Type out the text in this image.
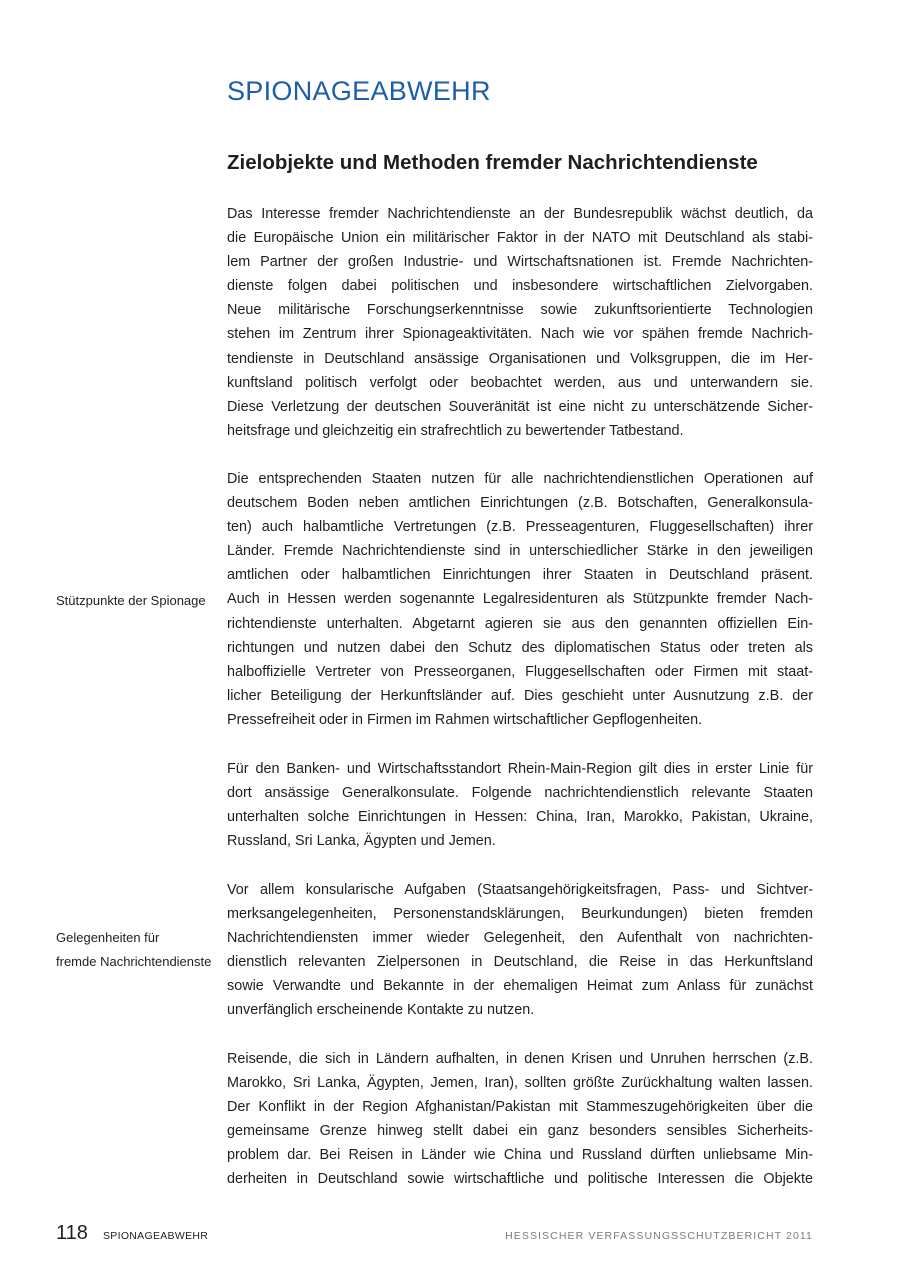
SPIONAGEABWEHR
Zielobjekte und Methoden fremder Nachrichtendienste
Das Interesse fremder Nachrichtendienste an der Bundesrepublik wächst deutlich, da
die Europäische Union ein militärischer Faktor in der NATO mit Deutschland als stabi-
lem Partner der großen Industrie- und Wirtschaftsnationen ist. Fremde Nachrichten-
dienste folgen dabei politischen und insbesondere wirtschaftlichen Zielvorgaben.
Neue militärische Forschungserkenntnisse sowie zukunftsorientierte Technologien
stehen im Zentrum ihrer Spionageaktivitäten. Nach wie vor spähen fremde Nachrich-
tendienste in Deutschland ansässige Organisationen und Volksgruppen, die im Her-
kunftsland politisch verfolgt oder beobachtet werden, aus und unterwandern sie.
Diese Verletzung der deutschen Souveränität ist eine nicht zu unterschätzende Sicher-
heitsfrage und gleichzeitig ein strafrechtlich zu bewertender Tatbestand.
Die entsprechenden Staaten nutzen für alle nachrichtendienstlichen Operationen auf
deutschem Boden neben amtlichen Einrichtungen (z.B. Botschaften, Generalkonsula-
ten) auch halbamtliche Vertretungen (z.B. Presseagenturen, Fluggesellschaften) ihrer
Länder. Fremde Nachrichtendienste sind in unterschiedlicher Stärke in den jeweiligen
amtlichen oder halbamtlichen Einrichtungen ihrer Staaten in Deutschland präsent.
Auch in Hessen werden sogenannte Legalresidenturen als Stützpunkte fremder Nach-
richtendienste unterhalten. Abgetarnt agieren sie aus den genannten offiziellen Ein-
richtungen und nutzen dabei den Schutz des diplomatischen Status oder treten als
halboffizielle Vertreter von Presseorganen, Fluggesellschaften oder Firmen mit staat-
licher Beteiligung der Herkunftsländer auf. Dies geschieht unter Ausnutzung z.B. der
Pressefreiheit oder in Firmen im Rahmen wirtschaftlicher Gepflogenheiten.
Für den Banken- und Wirtschaftsstandort Rhein-Main-Region gilt dies in erster Linie für
dort ansässige Generalkonsulate. Folgende nachrichtendienstlich relevante Staaten
unterhalten solche Einrichtungen in Hessen: China, Iran, Marokko, Pakistan, Ukraine,
Russland, Sri Lanka, Ägypten und Jemen.
Vor allem konsularische Aufgaben (Staatsangehörigkeitsfragen, Pass- und Sichtver-
merksangelegenheiten, Personenstandsklärungen, Beurkundungen) bieten fremden
Nachrichtendiensten immer wieder Gelegenheit, den Aufenthalt von nachrichten-
dienstlich relevanten Zielpersonen in Deutschland, die Reise in das Herkunftsland
sowie Verwandte und Bekannte in der ehemaligen Heimat zum Anlass für zunächst
unverfänglich erscheinende Kontakte zu nutzen.
Reisende, die sich in Ländern aufhalten, in denen Krisen und Unruhen herrschen (z.B.
Marokko, Sri Lanka, Ägypten, Jemen, Iran), sollten größte Zurückhaltung walten lassen.
Der Konflikt in der Region Afghanistan/Pakistan mit Stammeszugehörigkeiten über die
gemeinsame Grenze hinweg stellt dabei ein ganz besonders sensibles Sicherheits-
problem dar. Bei Reisen in Länder wie China und Russland dürften unliebsame Min-
derheiten in Deutschland sowie wirtschaftliche und politische Interessen die Objekte
Stützpunkte der Spionage
Gelegenheiten für
fremde Nachrichtendienste
118 SPIONAGEABWEHR	HESSISCHER VERFASSUNGSSCHUTZBERICHT 2011
